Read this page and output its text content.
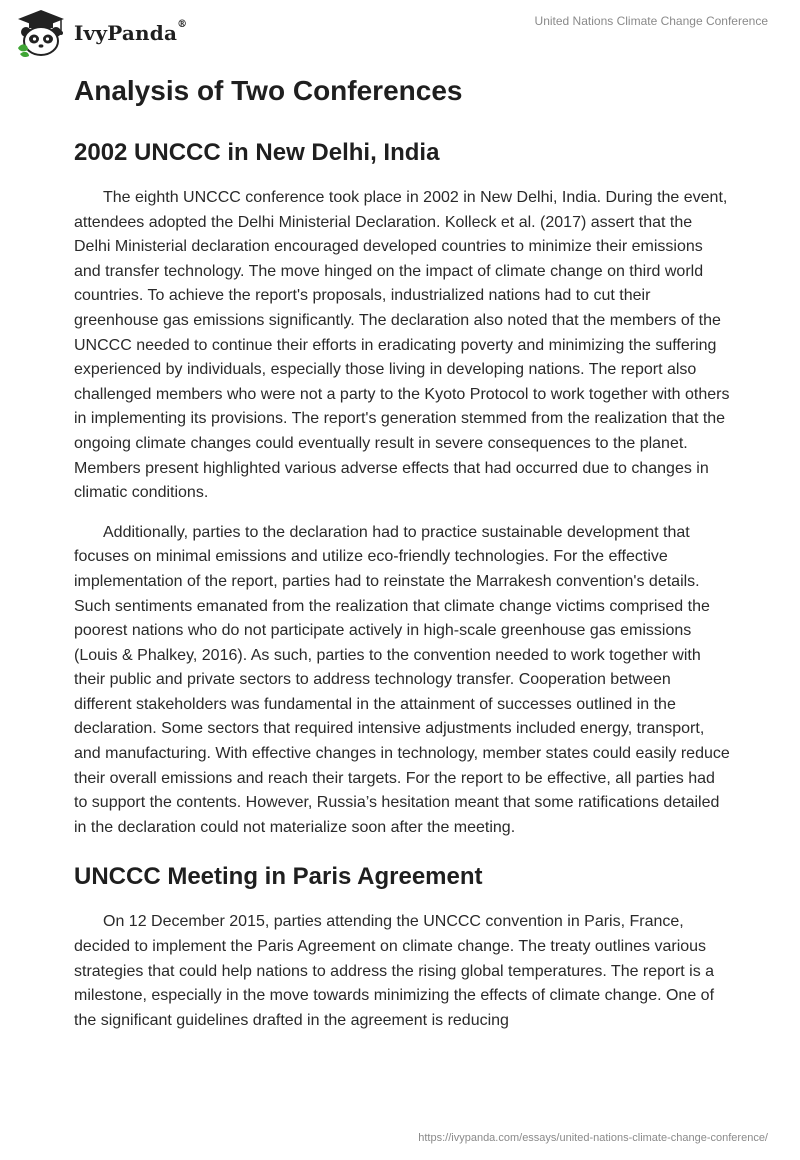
IvyPanda®	United Nations Climate Change Conference
Analysis of Two Conferences
2002 UNCCC in New Delhi, India

The eighth UNCCC conference took place in 2002 in New Delhi, India. During the event, attendees adopted the Delhi Ministerial Declaration. Kolleck et al. (2017) assert that the Delhi Ministerial declaration encouraged developed countries to minimize their emissions and transfer technology. The move hinged on the impact of climate change on third world countries. To achieve the report's proposals, industrialized nations had to cut their greenhouse gas emissions significantly. The declaration also noted that the members of the UNCCC needed to continue their efforts in eradicating poverty and minimizing the suffering experienced by individuals, especially those living in developing nations. The report also challenged members who were not a party to the Kyoto Protocol to work together with others in implementing its provisions. The report's generation stemmed from the realization that the ongoing climate changes could eventually result in severe consequences to the planet. Members present highlighted various adverse effects that had occurred due to changes in climatic conditions.

Additionally, parties to the declaration had to practice sustainable development that focuses on minimal emissions and utilize eco-friendly technologies. For the effective implementation of the report, parties had to reinstate the Marrakesh convention's details. Such sentiments emanated from the realization that climate change victims comprised the poorest nations who do not participate actively in high-scale greenhouse gas emissions (Louis & Phalkey, 2016). As such, parties to the convention needed to work together with their public and private sectors to address technology transfer. Cooperation between different stakeholders was fundamental in the attainment of successes outlined in the declaration. Some sectors that required intensive adjustments included energy, transport, and manufacturing. With effective changes in technology, member states could easily reduce their overall emissions and reach their targets. For the report to be effective, all parties had to support the contents. However, Russia’s hesitation meant that some ratifications detailed in the declaration could not materialize soon after the meeting.

UNCCC Meeting in Paris Agreement

On 12 December 2015, parties attending the UNCCC convention in Paris, France, decided to implement the Paris Agreement on climate change. The treaty outlines various strategies that could help nations to address the rising global temperatures. The report is a milestone, especially in the move towards minimizing the effects of climate change. One of the significant guidelines drafted in the agreement is reducing

https://ivypanda.com/essays/united-nations-climate-change-conference/
